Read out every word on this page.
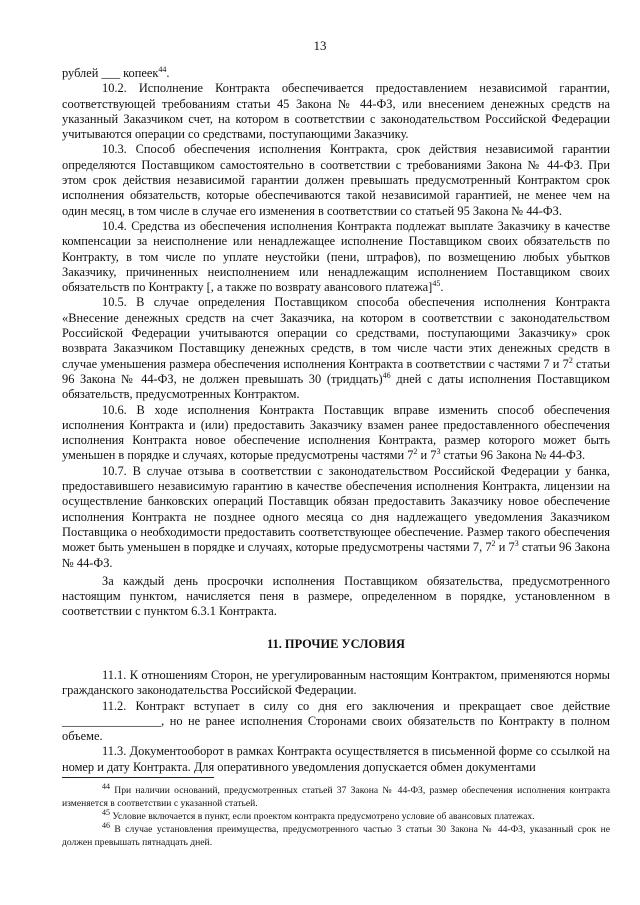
13

рублей ___ копеек$^{44}$.

10.2. Исполнение Контракта обеспечивается предоставлением независимой гарантии, соответствующей требованиям статьи 45 Закона № 44-ФЗ, или внесением денежных средств на указанный Заказчиком счет, на котором в соответствии с законодательством Российской Федерации учитываются операции со средствами, поступающими Заказчику.

10.3. Способ обеспечения исполнения Контракта, срок действия независимой гарантии определяются Поставщиком самостоятельно в соответствии с требованиями Закона № 44-ФЗ. При этом срок действия независимой гарантии должен превышать предусмотренный Контрактом срок исполнения обязательств, которые обеспечиваются такой независимой гарантией, не менее чем на один месяц, в том числе в случае его изменения в соответствии со статьей 95 Закона № 44-ФЗ.

10.4. Средства из обеспечения исполнения Контракта подлежат выплате Заказчику в качестве компенсации за неисполнение или ненадлежащее исполнение Поставщиком своих обязательств по Контракту, в том числе по уплате неустойки (пени, штрафов), по возмещению любых убытков Заказчику, причиненных неисполнением или ненадлежащим исполнением Поставщиком своих обязательств по Контракту [, а также по возврату авансового платежа]$^{45}$.

10.5. В случае определения Поставщиком способа обеспечения исполнения Контракта «Внесение денежных средств на счет Заказчика, на котором в соответствии с законодательством Российской Федерации учитываются операции со средствами, поступающими Заказчику» срок возврата Заказчиком Поставщику денежных средств, в том числе части этих денежных средств в случае уменьшения размера обеспечения исполнения Контракта в соответствии с частями 7 и $7^2$ статьи 96 Закона № 44-ФЗ, не должен превышать 30 (тридцать)$^{46}$ дней с даты исполнения Поставщиком обязательств, предусмотренных Контрактом.

10.6. В ходе исполнения Контракта Поставщик вправе изменить способ обеспечения исполнения Контракта и (или) предоставить Заказчику взамен ранее предоставленного обеспечения исполнения Контракта новое обеспечение исполнения Контракта, размер которого может быть уменьшен в порядке и случаях, которые предусмотрены частями $7^2$ и $7^3$ статьи 96 Закона № 44-ФЗ.

10.7. В случае отзыва в соответствии с законодательством Российской Федерации у банка, предоставившего независимую гарантию в качестве обеспечения исполнения Контракта, лицензии на осуществление банковских операций Поставщик обязан предоставить Заказчику новое обеспечение исполнения Контракта не позднее одного месяца со дня надлежащего уведомления Заказчиком Поставщика о необходимости предоставить соответствующее обеспечение. Размер такого обеспечения может быть уменьшен в порядке и случаях, которые предусмотрены частями 7, $7^2$ и $7^3$ статьи 96 Закона № 44-ФЗ.

За каждый день просрочки исполнения Поставщиком обязательства, предусмотренного настоящим пунктом, начисляется пеня в размере, определенном в порядке, установленном в соответствии с пунктом 6.3.1 Контракта.

11. ПРОЧИЕ УСЛОВИЯ

11.1. К отношениям Сторон, не урегулированным настоящим Контрактом, применяются нормы гражданского законодательства Российской Федерации.

11.2. Контракт вступает в силу со дня его заключения и прекращает свое действие ________________, но не ранее исполнения Сторонами своих обязательств по Контракту в полном объеме.

11.3. Документооборот в рамках Контракта осуществляется в письменной форме со ссылкой на номер и дату Контракта. Для оперативного уведомления допускается обмен документами

$^{44}$ При наличии оснований, предусмотренных статьей 37 Закона № 44-ФЗ, размер обеспечения исполнения контракта изменяется в соответствии с указанной статьей.

$^{45}$ Условие включается в пункт, если проектом контракта предусмотрено условие об авансовых платежах.

$^{46}$ В случае установления преимущества, предусмотренного частью 3 статьи 30 Закона № 44-ФЗ, указанный срок не должен превышать пятнадцать дней.
